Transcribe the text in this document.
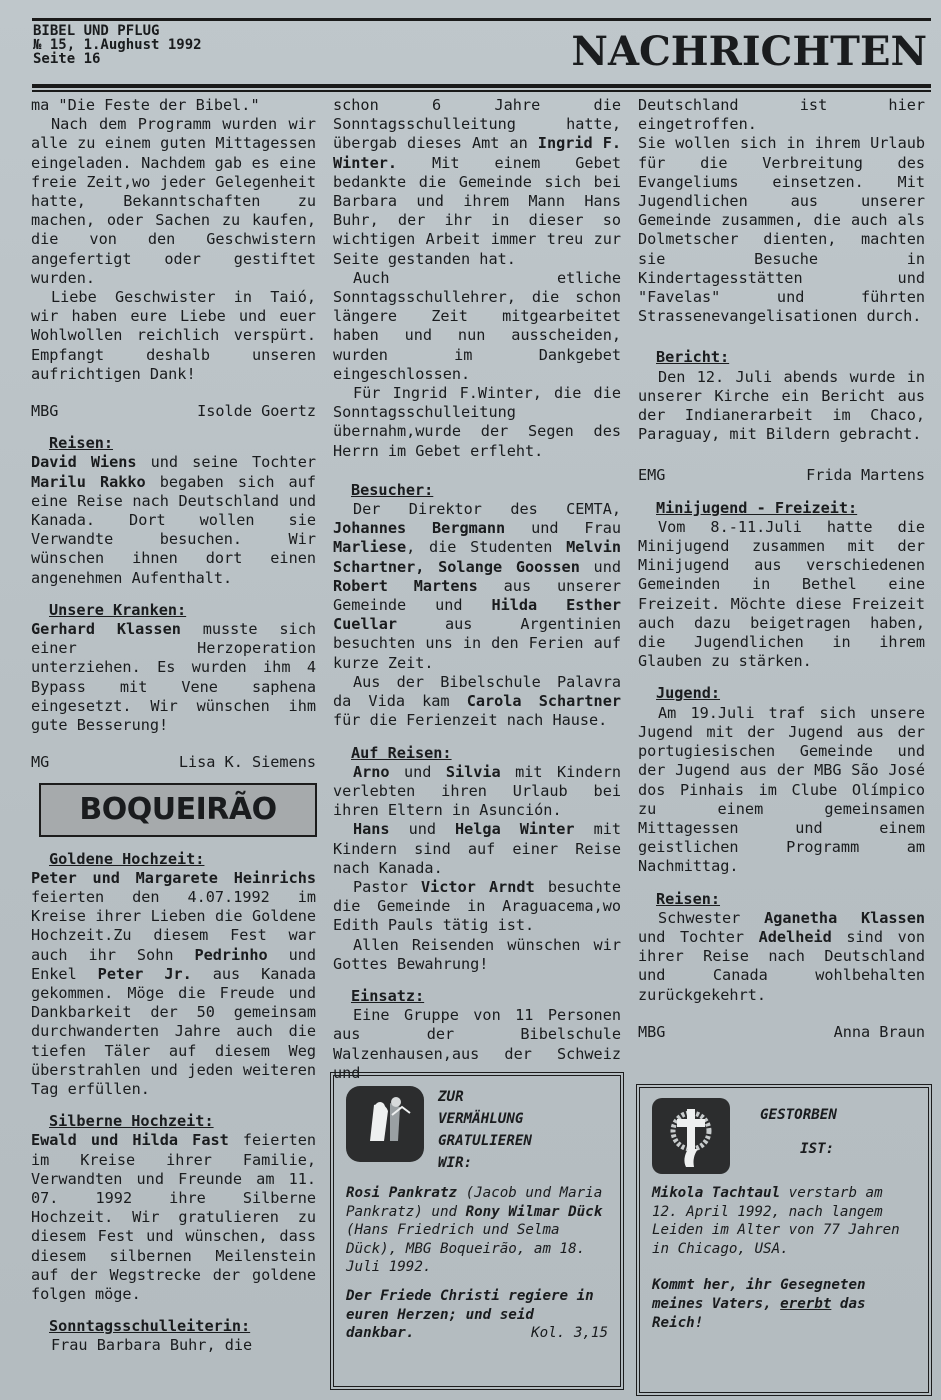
BIBEL UND PFLUG
№ 15, 1.Aughust 1992
Seite 16	NACHRICHTEN

ma "Die Feste der Bibel."

Nach dem Programm wurden wir alle zu einem guten Mittagessen eingeladen. Nachdem gab es eine freie Zeit,wo jeder Gelegenheit hatte, Bekanntschaften zu machen, oder Sachen zu kaufen, die von den Geschwistern angefertigt oder gestiftet wurden.

Liebe Geschwister in Taió, wir haben eure Liebe und euer Wohlwollen reichlich verspürt. Empfangt deshalb unseren aufrichtigen Dank!

MBG	Isolde Goertz
Reisen:

David Wiens und seine Tochter Marilu Rakko begaben sich auf eine Reise nach Deutschland und Kanada. Dort wollen sie Verwandte besuchen. Wir wünschen ihnen dort einen angenehmen Aufenthalt.

Unsere Kranken:

Gerhard Klassen musste sich einer Herzoperation unterziehen. Es wurden ihm 4 Bypass mit Vene saphena eingesetzt. Wir wünschen ihm gute Besserung!

MG	Lisa K. Siemens
BOQUEIRÃO
Goldene Hochzeit:

Peter und Margarete Heinrichs feierten den 4.07.1992 im Kreise ihrer Lieben die Goldene Hochzeit.Zu diesem Fest war auch ihr Sohn Pedrinho und Enkel Peter Jr. aus Kanada gekommen. Möge die Freude und Dankbarkeit der 50 gemeinsam durchwanderten Jahre auch die tiefen Täler auf diesem Weg überstrahlen und jeden weiteren Tag erfüllen.

Silberne Hochzeit:

Ewald und Hilda Fast feierten im Kreise ihrer Familie, Verwandten und Freunde am 11. 07. 1992 ihre Silberne Hochzeit. Wir gratulieren zu diesem Fest und wünschen, dass diesem silbernen Meilenstein auf der Wegstrecke der goldene folgen möge.

Sonntagsschulleiterin:

Frau Barbara Buhr, die

schon 6 Jahre die Sonntagsschulleitung hatte, übergab dieses Amt an Ingrid F. Winter. Mit einem Gebet bedankte die Gemeinde sich bei Barbara und ihrem Mann Hans Buhr, der ihr in dieser so wichtigen Arbeit immer treu zur Seite gestanden hat.

Auch etliche Sonntagsschullehrer, die schon längere Zeit mitgearbeitet haben und nun ausscheiden, wurden im Dankgebet eingeschlossen.

Für Ingrid F.Winter, die die Sonntagsschulleitung übernahm,wurde der Segen des Herrn im Gebet erfleht.

Besucher:

Der Direktor des CEMTA, Johannes Bergmann und Frau Marliese, die Studenten Melvin Schartner, Solange Goossen und Robert Martens aus unserer Gemeinde und Hilda Esther Cuellar aus Argentinien besuchten uns in den Ferien auf kurze Zeit.

Aus der Bibelschule Palavra da Vida kam Carola Schartner für die Ferienzeit nach Hause.

Auf Reisen:

Arno und Silvia mit Kindern verlebten ihren Urlaub bei ihren Eltern in Asunción.

Hans und Helga Winter mit Kindern sind auf einer Reise nach Kanada.

Pastor Victor Arndt besuchte die Gemeinde in Araguacema,wo Edith Pauls tätig ist.

Allen Reisenden wünschen wir Gottes Bewahrung!

Einsatz:

Eine Gruppe von 11 Personen aus der Bibelschule Walzenhausen,aus der Schweiz und

Deutschland ist hier eingetroffen.

Sie wollen sich in ihrem Urlaub für die Verbreitung des Evangeliums einsetzen. Mit Jugendlichen aus unserer Gemeinde zusammen, die auch als Dolmetscher dienten, machten sie Besuche in Kindertagesstätten und "Favelas" und führten Strassenevangelisationen durch.

Bericht:

Den 12. Juli abends wurde in unserer Kirche ein Bericht aus der Indianerarbeit im Chaco, Paraguay, mit Bildern gebracht.

EMG	Frida Martens
Minijugend - Freizeit:

Vom 8.-11.Juli hatte die Minijugend zusammen mit der Minijugend aus verschiedenen Gemeinden in Bethel eine Freizeit. Möchte diese Freizeit auch dazu beigetragen haben, die Jugendlichen in ihrem Glauben zu stärken.

Jugend:

Am 19.Juli traf sich unsere Jugend mit der Jugend aus der portugiesischen Gemeinde und der Jugend aus der MBG São José dos Pinhais im Clube Olímpico zu einem gemeinsamen Mittagessen und einem geistlichen Programm am Nachmittag.

Reisen:

Schwester Aganetha Klassen und Tochter Adelheid sind von ihrer Reise nach Deutschland und Canada wohlbehalten zurückgekehrt.

MBG	Anna Braun
ZUR
VERMÄHLUNG
GRATULIEREN
WIR:

Rosi Pankratz (Jacob und Maria Pankratz) und Rony Wilmar Dück (Hans Friedrich und Selma Dück), MBG Boqueirão, am 18. Juli 1992.

Der Friede Christi regiere in euren Herzen; und seid dankbar.	Kol. 3,15

GESTORBEN
IST:

Mikola Tachtaul verstarb am 12. April 1992, nach langem Leiden im Alter von 77 Jahren in Chicago, USA.

Kommt her, ihr Gesegneten meines Vaters, ererbt das Reich!
